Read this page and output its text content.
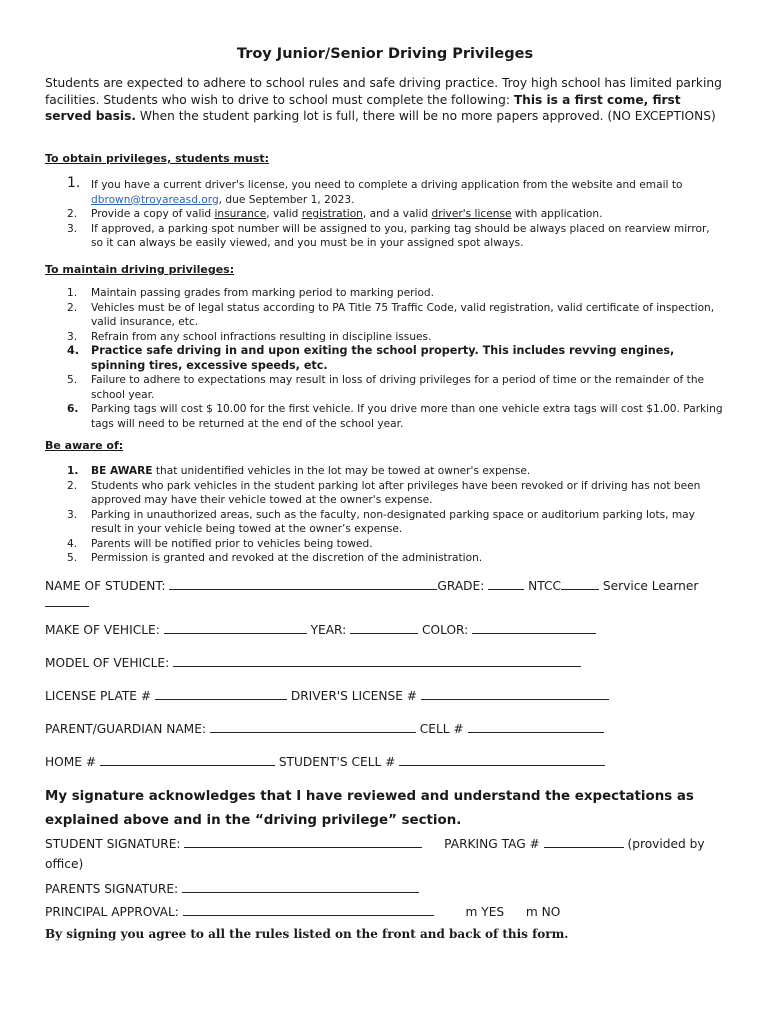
Troy Junior/Senior Driving Privileges
Students are expected to adhere to school rules and safe driving practice. Troy high school has limited parking facilities. Students who wish to drive to school must complete the following: This is a first come, first served basis. When the student parking lot is full, there will be no more papers approved. (NO EXCEPTIONS)
To obtain privileges, students must:
1. If you have a current driver's license, you need to complete a driving application from the website and email to dbrown@troyareasd.org, due September 1, 2023.
2. Provide a copy of valid insurance, valid registration, and a valid driver's license with application.
3. If approved, a parking spot number will be assigned to you, parking tag should be always placed on rearview mirror, so it can always be easily viewed, and you must be in your assigned spot always.
To maintain driving privileges:
1. Maintain passing grades from marking period to marking period.
2. Vehicles must be of legal status according to PA Title 75 Traffic Code, valid registration, valid certificate of inspection, valid insurance, etc.
3. Refrain from any school infractions resulting in discipline issues.
4. Practice safe driving in and upon exiting the school property. This includes revving engines, spinning tires, excessive speeds, etc.
5. Failure to adhere to expectations may result in loss of driving privileges for a period of time or the remainder of the school year.
6. Parking tags will cost $ 10.00 for the first vehicle. If you drive more than one vehicle extra tags will cost $1.00. Parking tags will need to be returned at the end of the school year.
Be aware of:
1. BE AWARE that unidentified vehicles in the lot may be towed at owner's expense.
2. Students who park vehicles in the student parking lot after privileges have been revoked or if driving has not been approved may have their vehicle towed at the owner's expense.
3. Parking in unauthorized areas, such as the faculty, non-designated parking space or auditorium parking lots, may result in your vehicle being towed at the owner’s expense.
4. Parents will be notified prior to vehicles being towed.
5. Permission is granted and revoked at the discretion of the administration.
NAME OF STUDENT:	GRADE:	NTCC	Service Learner
MAKE OF VEHICLE:	YEAR:	COLOR:
MODEL OF VEHICLE:
LICENSE PLATE #	DRIVER'S LICENSE #
PARENT/GUARDIAN NAME:	CELL #
HOME #	STUDENT'S CELL #
My signature acknowledges that I have reviewed and understand the expectations as
explained above and in the “driving privilege” section.
STUDENT SIGNATURE:	PARKING TAG #	(provided by
office)
PARENTS SIGNATURE:
PRINCIPAL APPROVAL:	m YES m NO
By signing you agree to all the rules listed on the front and back of this form.
